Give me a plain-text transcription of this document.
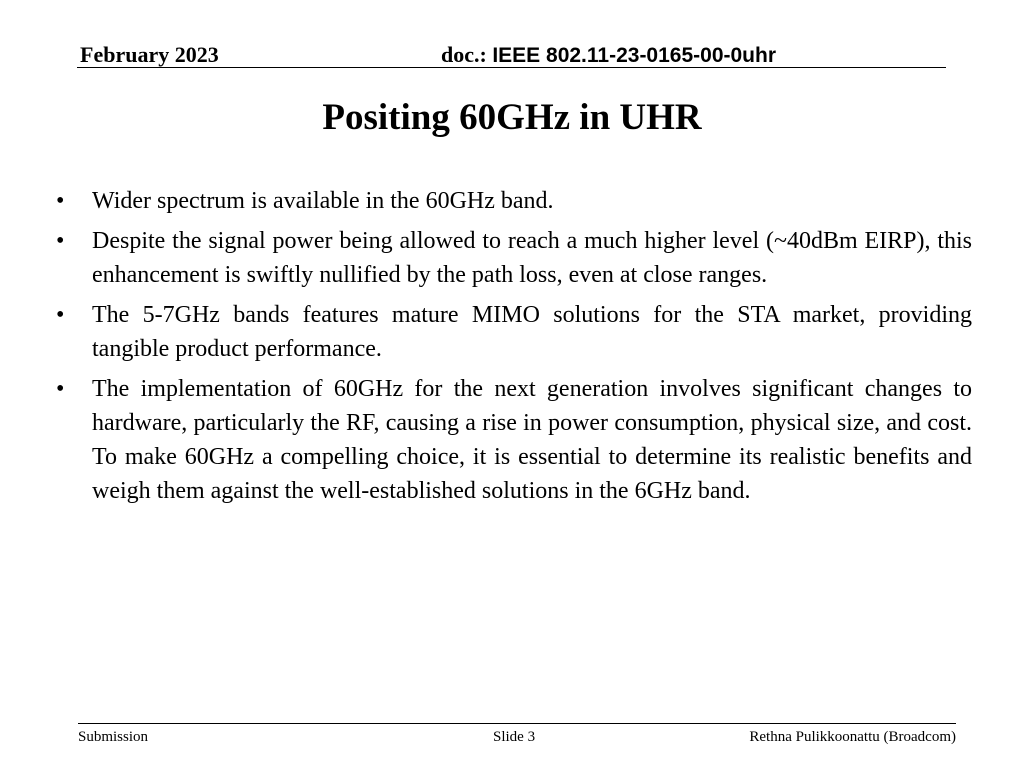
February 2023	doc.: IEEE 802.11-23-0165-00-0uhr
Positing 60GHz in UHR
• Wider spectrum is available in the 60GHz band.
• Despite the signal power being allowed to reach a much higher level (~40dBm EIRP), this enhancement is swiftly nullified by the path loss, even at close ranges.
• The 5-7GHz bands features mature MIMO solutions for the STA market, providing tangible product performance.
• The implementation of 60GHz for the next generation involves significant changes to hardware, particularly the RF, causing a rise in power consumption, physical size, and cost. To make 60GHz a compelling choice, it is essential to determine its realistic benefits and weigh them against the well-established solutions in the 6GHz band.
Submission	Slide 3	Rethna Pulikkoonattu (Broadcom)
